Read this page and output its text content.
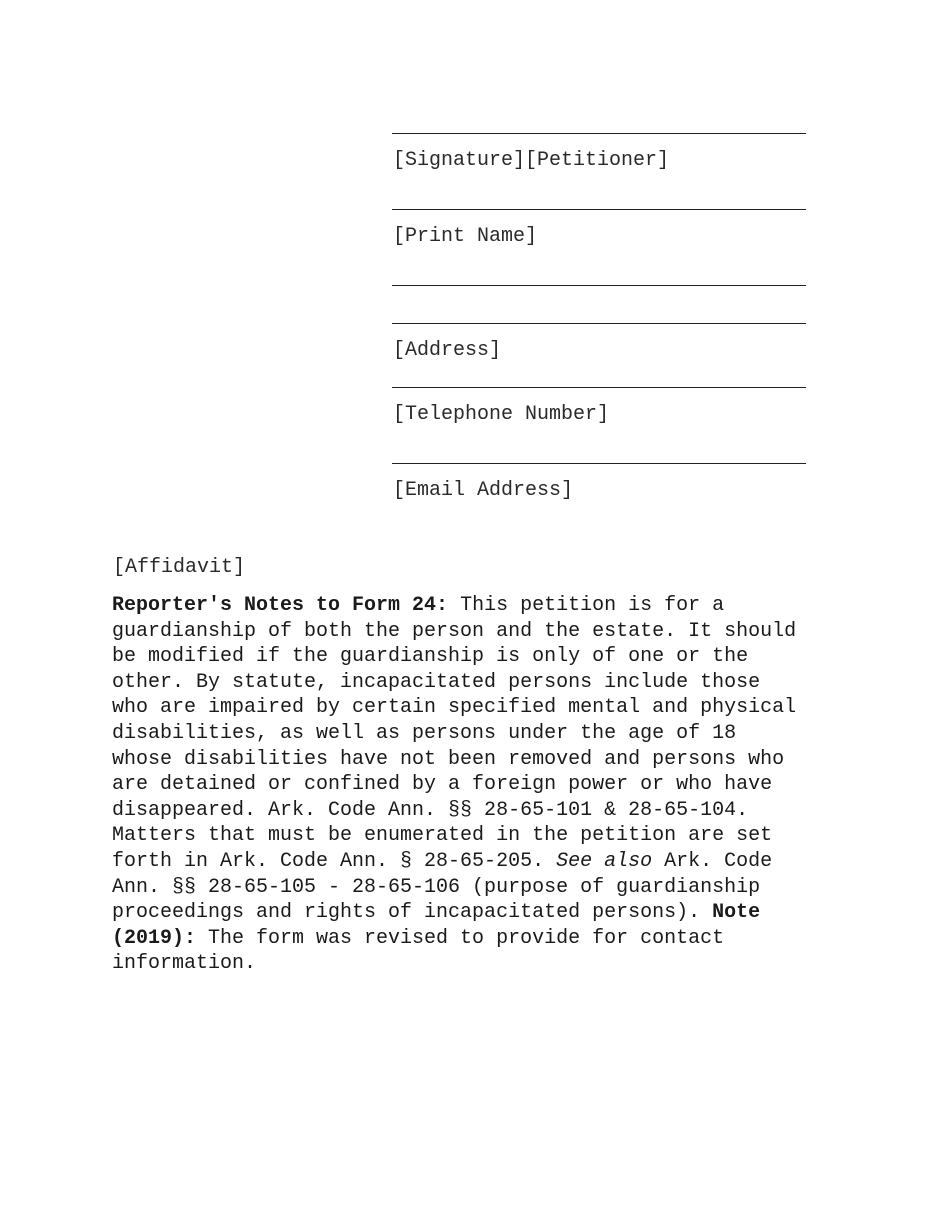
[Signature][Petitioner]
[Print Name]
[Address]
[Telephone Number]
[Email Address]
[Affidavit]
Reporter's Notes to Form 24: This petition is for a
guardianship of both the person and the estate. It should
be modified if the guardianship is only of one or the
other. By statute, incapacitated persons include those
who are impaired by certain specified mental and physical
disabilities, as well as persons under the age of 18
whose disabilities have not been removed and persons who
are detained or confined by a foreign power or who have
disappeared. Ark. Code Ann. §§ 28-65-101 & 28-65-104.
Matters that must be enumerated in the petition are set
forth in Ark. Code Ann. § 28-65-205. See also Ark. Code
Ann. §§ 28-65-105 - 28-65-106 (purpose of guardianship
proceedings and rights of incapacitated persons). Note
(2019): The form was revised to provide for contact
information.
